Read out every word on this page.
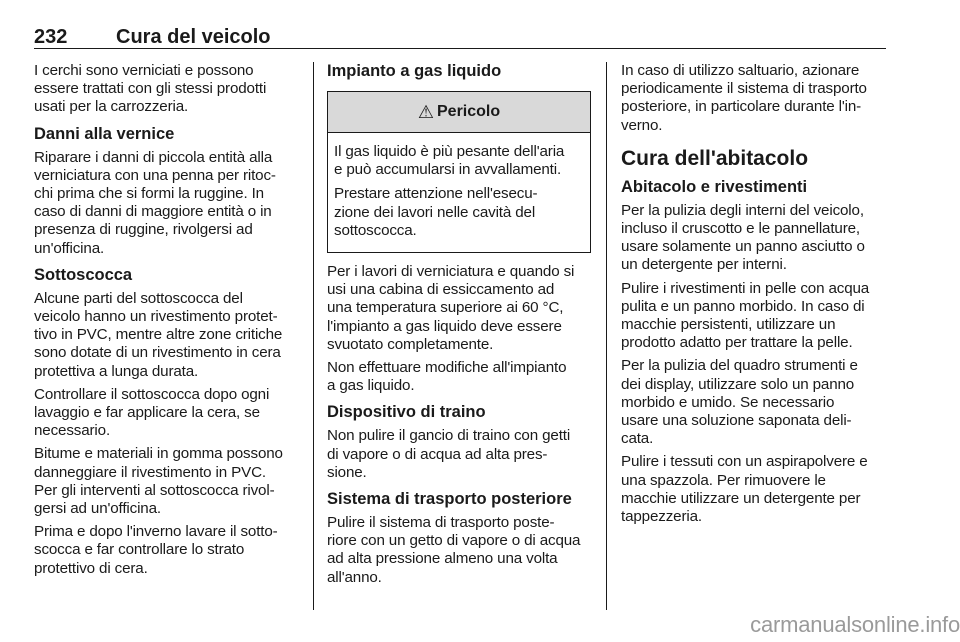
232 Cura del veicolo

I cerchi sono verniciati e possono
essere trattati con gli stessi prodotti
usati per la carrozzeria.

Danni alla vernice

Riparare i danni di piccola entità alla
verniciatura con una penna per ritoc-
chi prima che si formi la ruggine. In
caso di danni di maggiore entità o in
presenza di ruggine, rivolgersi ad
un'officina.

Sottoscocca

Alcune parti del sottoscocca del
veicolo hanno un rivestimento protet-
tivo in PVC, mentre altre zone critiche
sono dotate di un rivestimento in cera
protettiva a lunga durata.

Controllare il sottoscocca dopo ogni
lavaggio e far applicare la cera, se
necessario.

Bitume e materiali in gomma possono
danneggiare il rivestimento in PVC.
Per gli interventi al sottoscocca rivol-
gersi ad un'officina.

Prima e dopo l'inverno lavare il sotto-
scocca e far controllare lo strato
protettivo di cera.

Impianto a gas liquido
⚠ Pericolo

Il gas liquido è più pesante dell'aria
e può accumularsi in avvallamenti.

Prestare attenzione nell'esecu-
zione dei lavori nelle cavità del
sottoscocca.

Per i lavori di verniciatura e quando si
usi una cabina di essiccamento ad
una temperatura superiore ai 60 °C,
l'impianto a gas liquido deve essere
svuotato completamente.

Non effettuare modifiche all'impianto
a gas liquido.

Dispositivo di traino

Non pulire il gancio di traino con getti
di vapore o di acqua ad alta pres-
sione.

Sistema di trasporto posteriore

Pulire il sistema di trasporto poste-
riore con un getto di vapore o di acqua
ad alta pressione almeno una volta
all'anno.

In caso di utilizzo saltuario, azionare
periodicamente il sistema di trasporto
posteriore, in particolare durante l'in-
verno.

Cura dell'abitacolo
Abitacolo e rivestimenti

Per la pulizia degli interni del veicolo,
incluso il cruscotto e le pannellature,
usare solamente un panno asciutto o
un detergente per interni.

Pulire i rivestimenti in pelle con acqua
pulita e un panno morbido. In caso di
macchie persistenti, utilizzare un
prodotto adatto per trattare la pelle.

Per la pulizia del quadro strumenti e
dei display, utilizzare solo un panno
morbido e umido. Se necessario
usare una soluzione saponata deli-
cata.

Pulire i tessuti con un aspirapolvere e
una spazzola. Per rimuovere le
macchie utilizzare un detergente per
tappezzeria.

carmanualsonline.info
